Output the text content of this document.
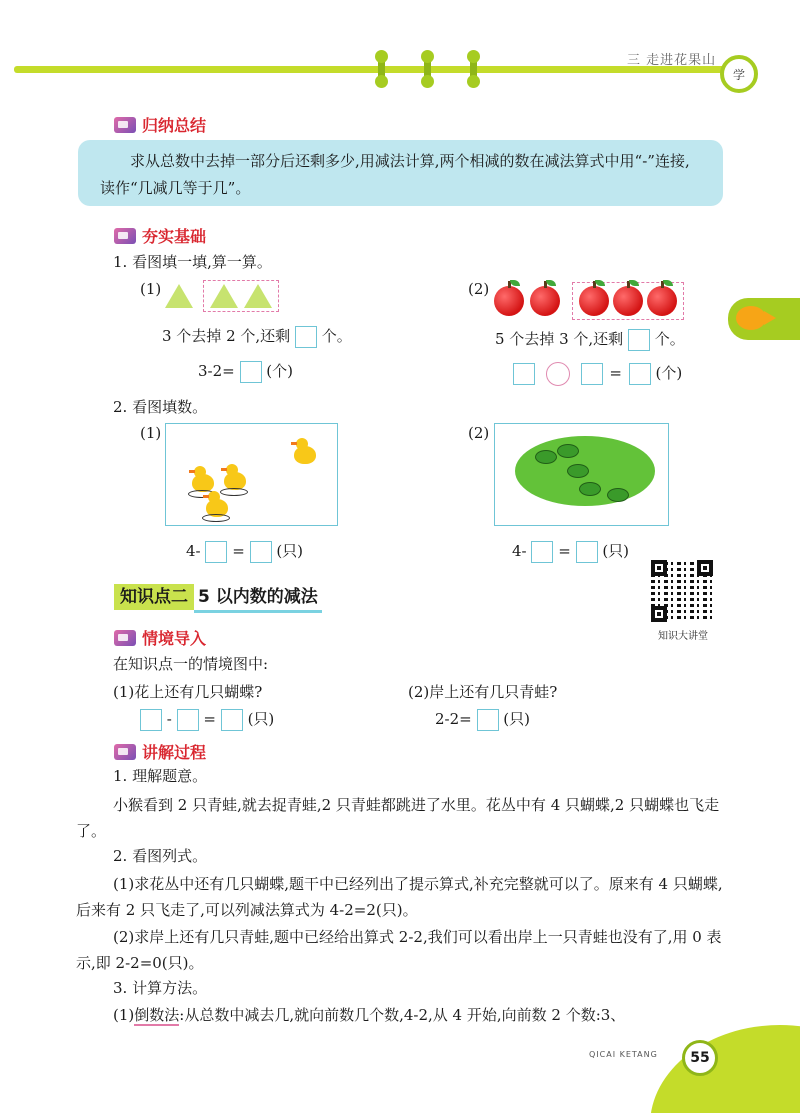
三 走进花果山
学
归纳总结
求从总数中去掉一部分后还剩多少,用减法计算,两个相减的数在减法算式中用“-”连接,读作“几减几等于几”。
夯实基础
1. 看图填一填,算一算。
(1)
3 个去掉 2 个,还剩 个。
3-2= (个)
(2)
5 个去掉 3 个,还剩 个。
= (个)
2. 看图填数。
(1)
4- = (只)
(2)
4- = (只)
知识点二 5 以内数的减法
知识大讲堂
情境导入
在知识点一的情境图中:
(1)花上还有几只蝴蝶?	(2)岸上还有几只青蛙?
- = (只)	2-2= (只)
讲解过程
1. 理解题意。
小猴看到 2 只青蛙,就去捉青蛙,2 只青蛙都跳进了水里。花丛中有 4 只蝴蝶,2 只蝴蝶也飞走了。
2. 看图列式。
(1)求花丛中还有几只蝴蝶,题干中已经列出了提示算式,补充完整就可以了。原来有 4 只蝴蝶,后来有 2 只飞走了,可以列减法算式为 4-2=2(只)。
(2)求岸上还有几只青蛙,题中已经给出算式 2-2,我们可以看出岸上一只青蛙也没有了,用 0 表示,即 2-2=0(只)。
3. 计算方法。
(1)倒数法:从总数中减去几,就向前数几个数,4-2,从 4 开始,向前数 2 个数:3、
QICAI KETANG 55
